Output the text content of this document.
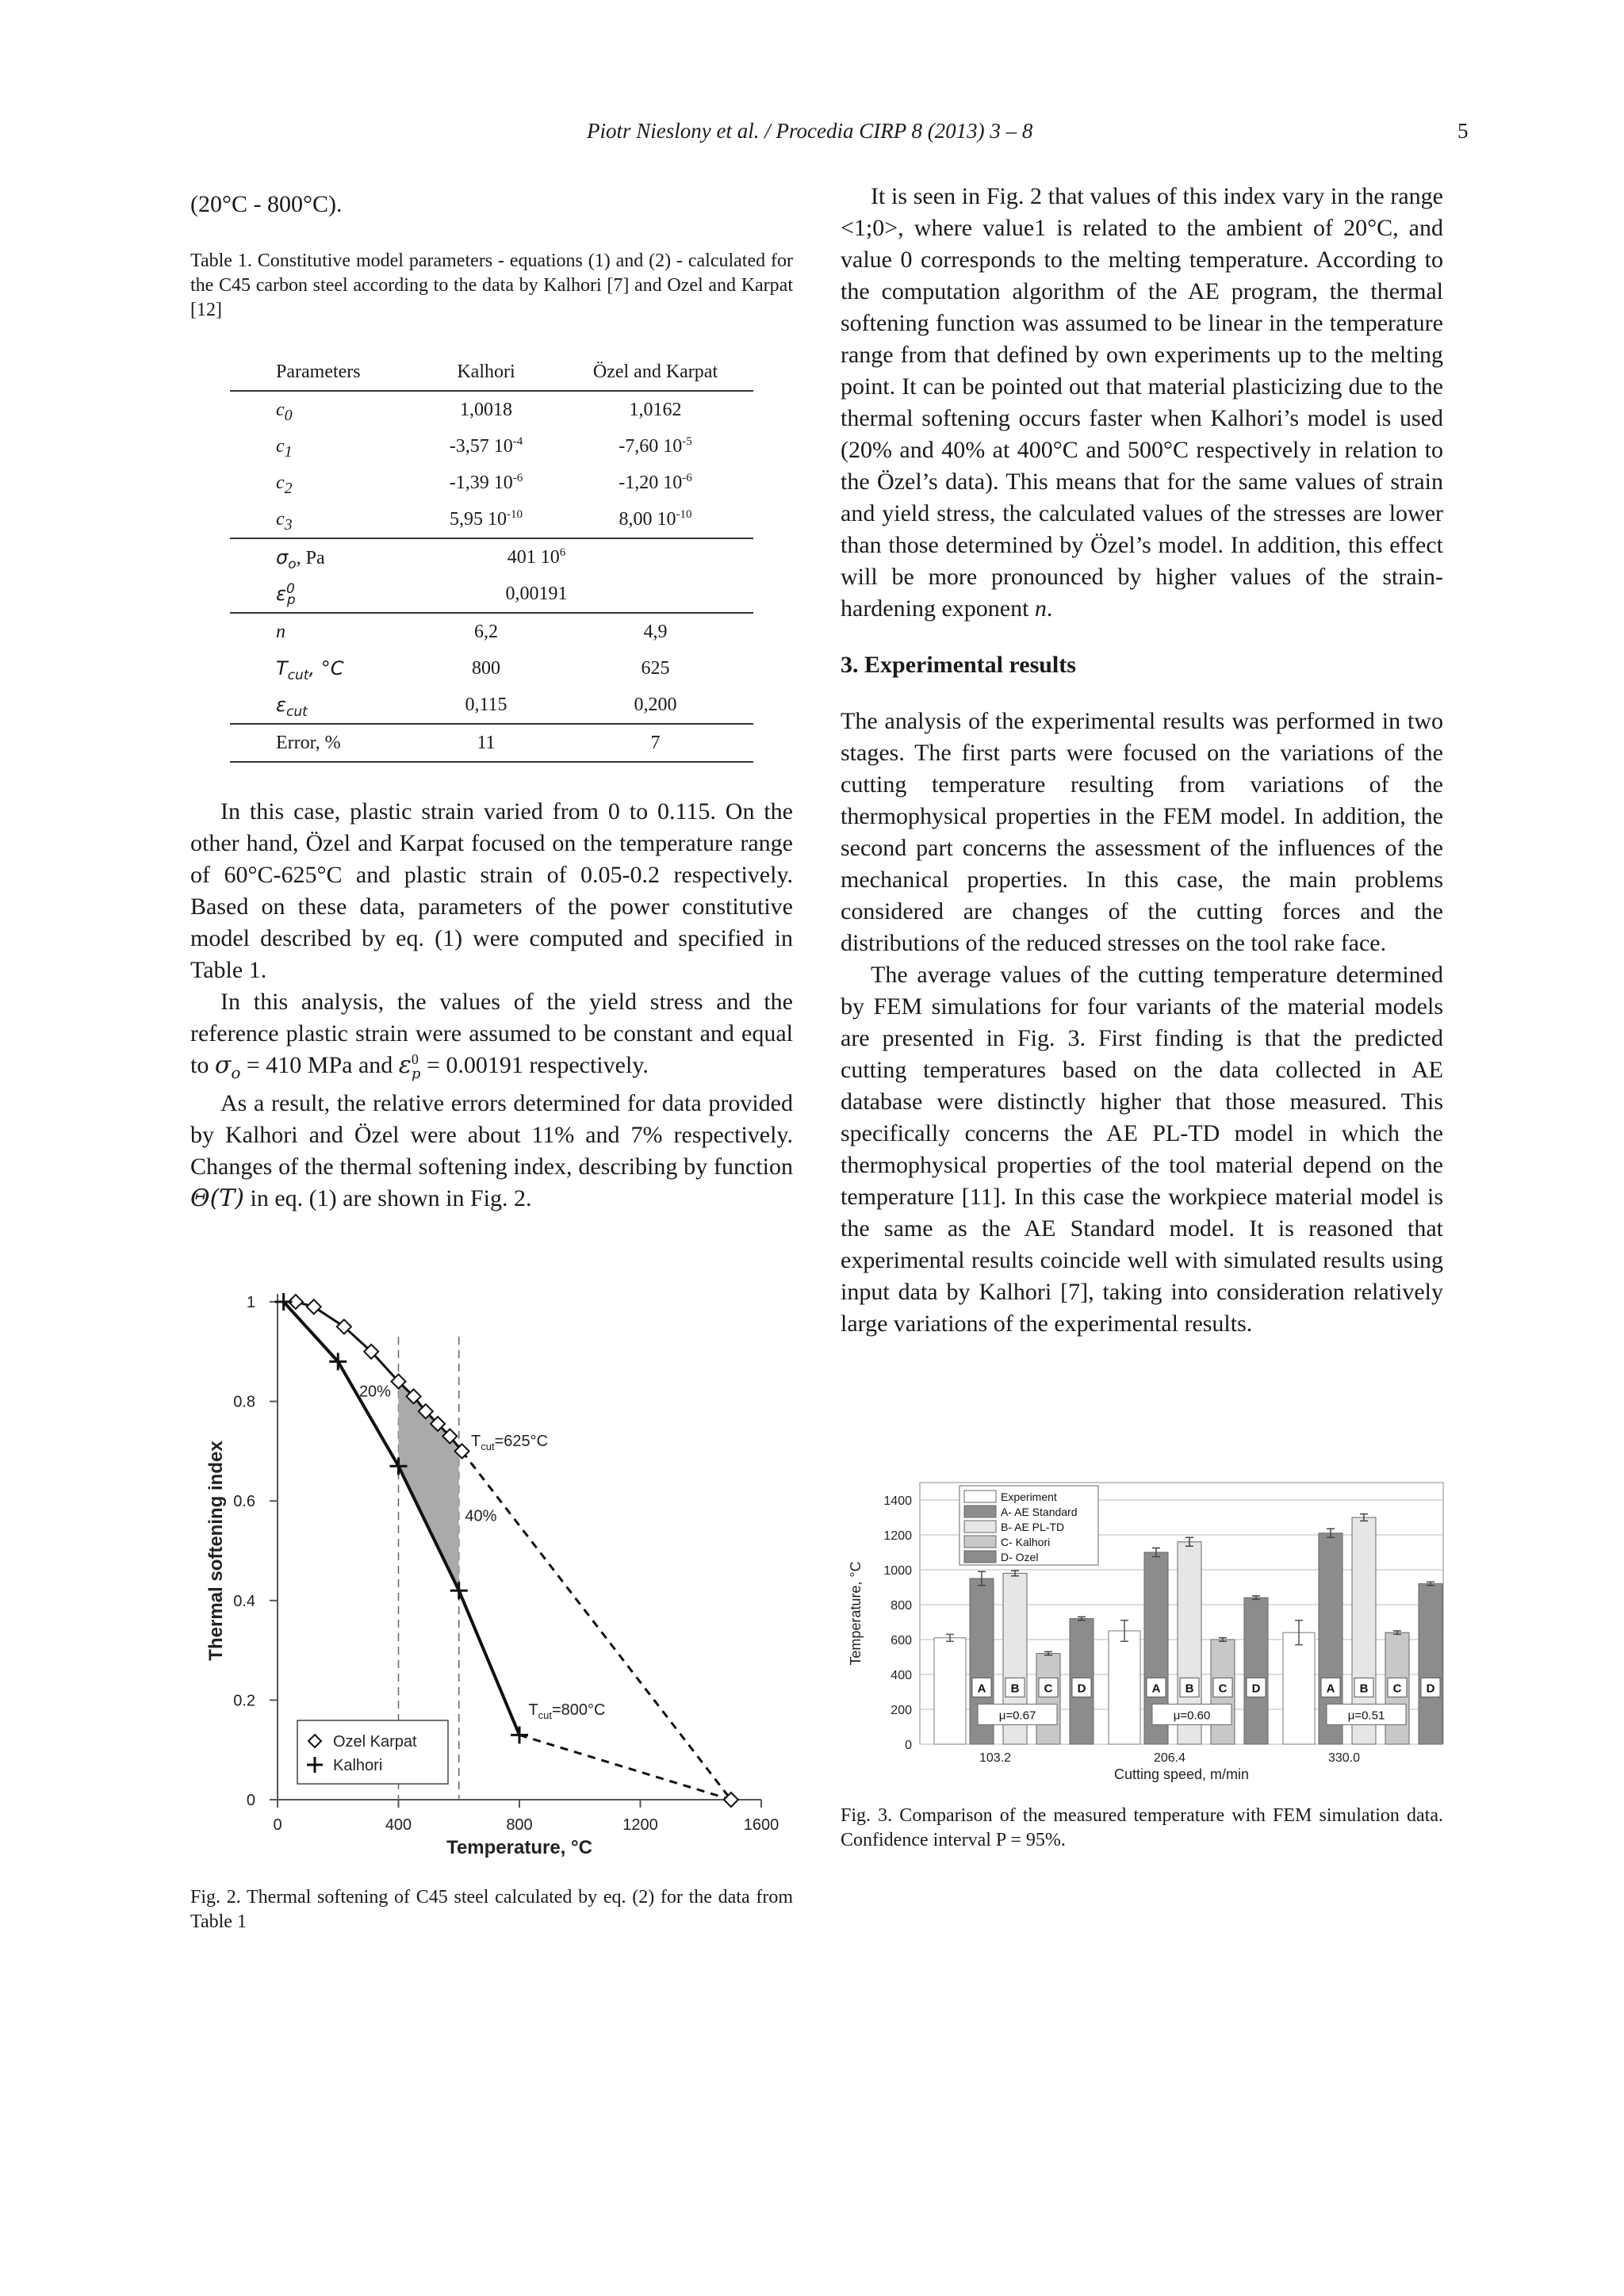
Piotr Nieslony et al. / Procedia CIRP 8 (2013) 3 – 8	5

(20°C - 800°C).

Table 1. Constitutive model parameters - equations (1) and (2) - calculated for the C45 carbon steel according to the data by Kalhori [7] and Ozel and Karpat [12]

Parameters	Kalhori	Özel and Karpat
$c_0$	1,0018	1,0162
$c_1$	-3,57 $10^{-4}$	-7,60 $10^{-5}$
$c_2$	-1,39 $10^{-6}$	-1,20 $10^{-6}$
$c_3$	5,95 $10^{-10}$	8,00 $10^{-10}$
$\sigma_o$, Pa	401 $10^6$
$\varepsilon^0_p$	0,00191	
n	6,2	4,9
$T_{cut}$, °C	800	625
$\varepsilon_{cut}$	0,115	0,200
Error, %	11	7

In this case, plastic strain varied from 0 to 0.115. On the other hand, Özel and Karpat focused on the temperature range of 60°C-625°C and plastic strain of 0.05-0.2 respectively. Based on these data, parameters of the power constitutive model described by eq. (1) were computed and specified in Table 1.

In this analysis, the values of the yield stress and the reference plastic strain were assumed to be constant and equal to $\sigma_o = 410$ MPa and $\varepsilon^0_p = 0.00191$ respectively.

As a result, the relative errors determined for data provided by Kalhori and Özel were about 11% and 7% respectively. Changes of the thermal softening index, describing by function Θ(T) in eq. (1) are shown in Fig. 2.

0
0.2
0.4
0.6
0.8
1
0	400	800	1200	1600
Temperature, °C
Thermal softening index
20%
40%
$T_{cut}=625^\circ C$
$T_{cut}=800^\circ C$
Ozel Karpat
Kalhori

Fig. 2. Thermal softening of C45 steel calculated by eq. (2) for the data from Table 1

It is seen in Fig. 2 that values of this index vary in the range <1;0>, where value1 is related to the ambient of 20°C, and value 0 corresponds to the melting temperature. According to the computation algorithm of the AE program, the thermal softening function was assumed to be linear in the temperature range from that defined by own experiments up to the melting point. It can be pointed out that material plasticizing due to the thermal softening occurs faster when Kalhori’s model is used (20% and 40% at 400°C and 500°C respectively in relation to the Özel’s data). This means that for the same values of strain and yield stress, the calculated values of the stresses are lower than those determined by Özel’s model. In addition, this effect will be more pronounced by higher values of the strain-hardening exponent n.

3. Experimental results

The analysis of the experimental results was performed in two stages. The first parts were focused on the variations of the cutting temperature resulting from variations of the thermophysical properties in the FEM model. In addition, the second part concerns the assessment of the influences of the mechanical properties. In this case, the main problems considered are changes of the cutting forces and the distributions of the reduced stresses on the tool rake face.

The average values of the cutting temperature determined by FEM simulations for four variants of the material models are presented in Fig. 3. First finding is that the predicted cutting temperatures based on the data collected in AE database were distinctly higher that those measured. This specifically concerns the AE PL-TD model in which the thermophysical properties of the tool material depend on the temperature [11]. In this case the workpiece material model is the same as the AE Standard model. It is reasoned that experimental results coincide well with simulated results using input data by Kalhori [7], taking into consideration relatively large variations of the experimental results.

0
200
400
600
800
1000
1200
1400
Temperature, °C
Cutting speed, m/min
A B C D
μ=0.67
103.2
A B C D
μ=0.60
206.4
A B C D
μ=0.51
330.0
Experiment
A- AE Standard
B- AE PL-TD
C- Kalhori
D- Ozel

Fig. 3. Comparison of the measured temperature with FEM simulation data. Confidence interval P = 95%.
